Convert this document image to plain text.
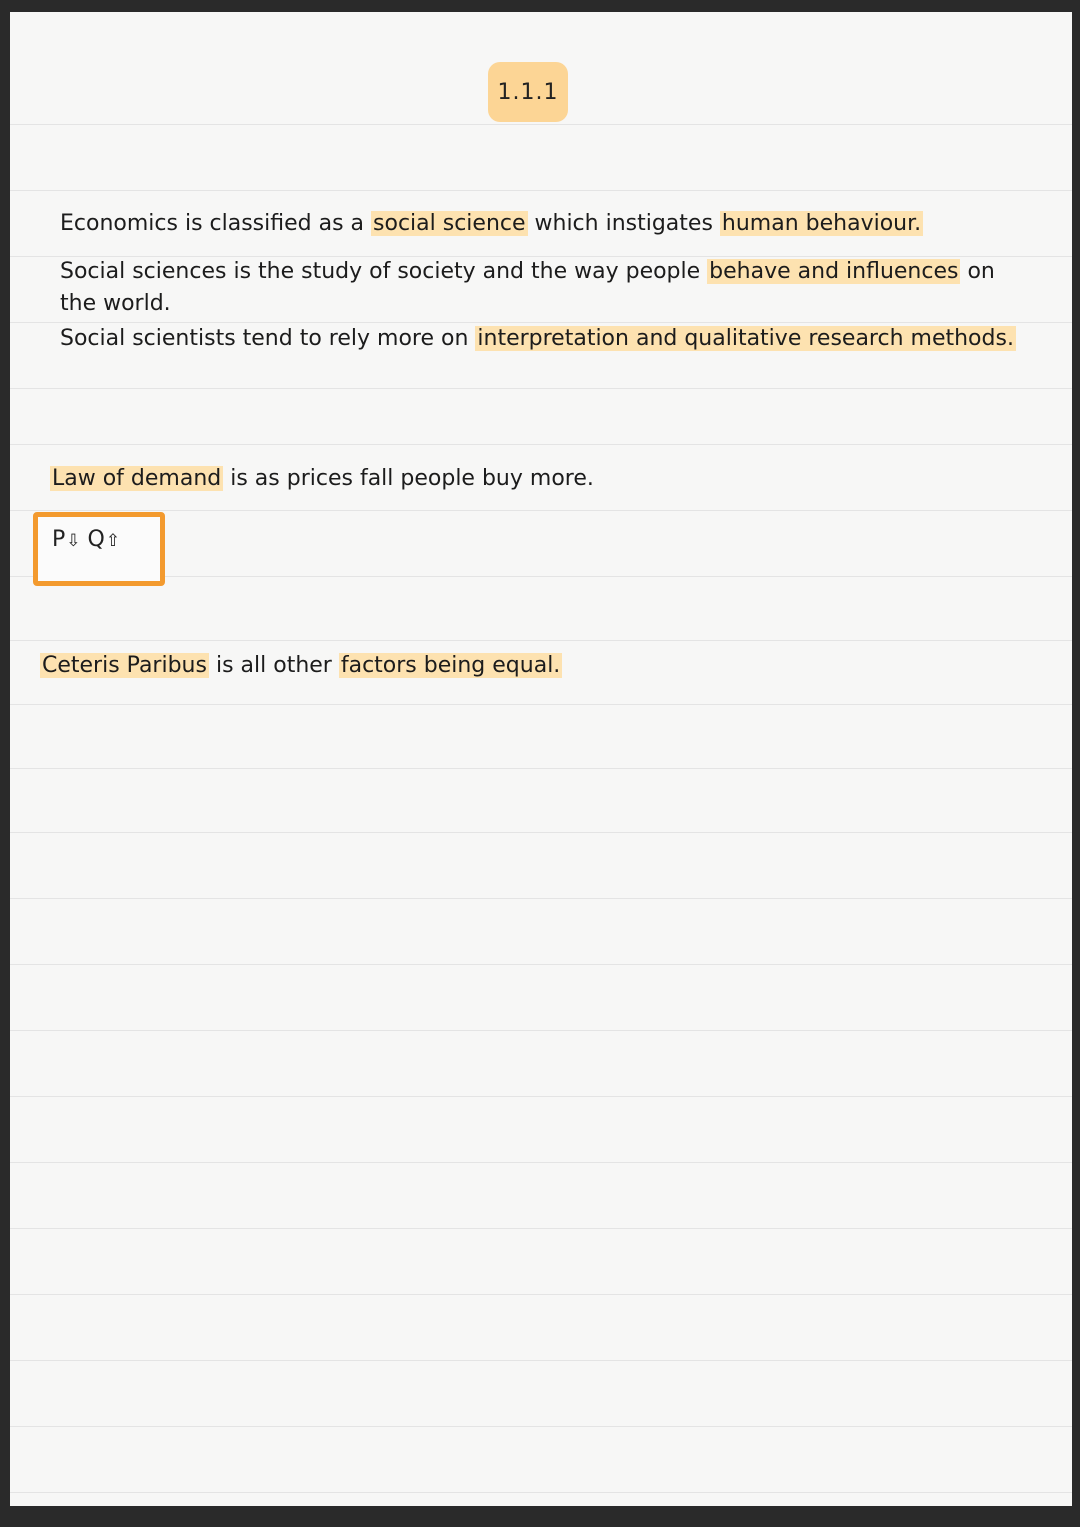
1.1.1

Economics is classified as a social science which instigates human behaviour.

Social sciences is the study of society and the way people behave and influences on the world.

Social scientists tend to rely more on interpretation and qualitative research methods.

Law of demand is as prices fall people buy more.

P⇩ Q⇧

Ceteris Paribus is all other factors being equal.
